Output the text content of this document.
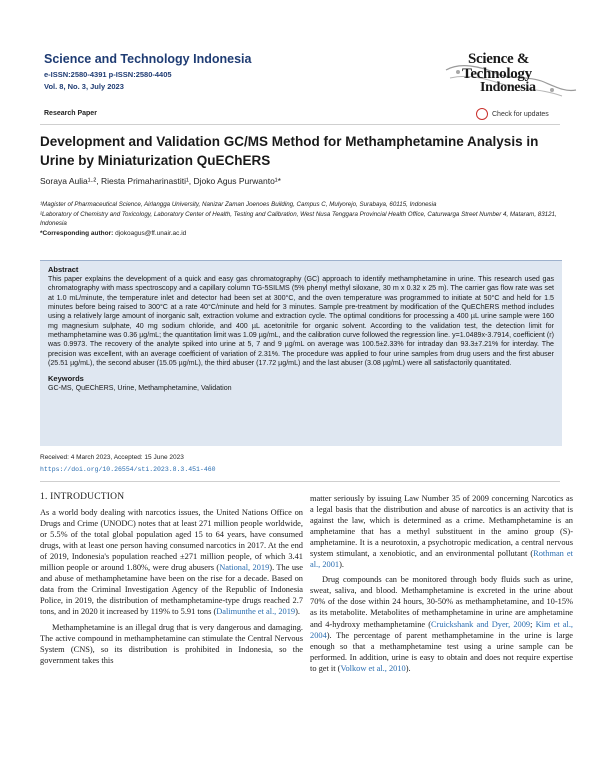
Science and Technology Indonesia
e-ISSN:2580-4391 p-ISSN:2580-4405
Vol. 8, No. 3, July 2023
Science &
Technology
Indonesia
Check for updates
Research Paper
Development and Validation GC/MS Method for Methamphetamine Analysis in Urine by Miniaturization QuEChERS
Soraya Aulia¹·², Riesta Primaharinastiti¹, Djoko Agus Purwanto¹*
¹Magister of Pharmaceutical Science, Airlangga University, Nanizar Zaman Joenoes Building, Campus C, Mulyorejo, Surabaya, 60115, Indonesia
²Laboratory of Chemistry and Toxicology, Laboratory Center of Health, Testing and Calibration, West Nusa Tenggara Provincial Health Office, Caturwarga Street Number 4, Mataram, 83121, Indonesia
*Corresponding author: djokoagus@ff.unair.ac.id
Abstract

This paper explains the development of a quick and easy gas chromatography (GC) approach to identify methamphetamine in urine. This research used gas chromatography with mass spectroscopy and a capillary column TG-5SILMS (5% phenyl methyl siloxane, 30 m x 0.32 x 25 m). The carrier gas flow rate was set at 1.0 mL/minute, the temperature inlet and detector had been set at 300°C, and the oven temperature was programmed to initiate at 50°C and held for 1.5 minutes before being raised to 300°C at a rate 40°C/minute and held for 3 minutes. Sample pre-treatment by modification of the QuEChERS method includes using a relatively large amount of inorganic salt, extraction volume and extraction cycle. The optimal conditions for processing a 400 µL urine sample were 160 mg magnesium sulphate, 40 mg sodium chloride, and 400 µL acetonitrile for organic solvent. According to the validation test, the detection limit for methamphetamine was 0.36 µg/mL; the quantitation limit was 1.09 µg/mL, and the calibration curve followed the regression line. y=1.0489x-3.7914, coefficient (r) was 0.9973. The recovery of the analyte spiked into urine at 5, 7 and 9 µg/mL on average was 100.5±2.33% for intraday dan 93.3±7.21% for interday. The precision was excellent, with an average coefficient of variation of 2.31%. The procedure was applied to four urine samples from drug users and the first abuser (25.51 µg/mL), the second abuser (15.05 µg/mL), the third abuser (17.72 µg/mL) and the last abuser (3.08 µg/mL) were all satisfactorily quantitated.

Keywords

GC-MS, QuEChERS, Urine, Methamphetamine, Validation

Received: 4 March 2023, Accepted: 15 June 2023
https://doi.org/10.26554/sti.2023.8.3.451-460
1. INTRODUCTION

As a world body dealing with narcotics issues, the United Nations Office on Drugs and Crime (UNODC) notes that at least 271 million people worldwide, or 5.5% of the total global population aged 15 to 64 years, have consumed drugs, with at least one person having consumed narcotics in 2017. At the end of 2019, Indonesia's population reached ±271 million people, of which 3.41 million people or around 1.80%, were drug abusers (National, 2019). The use and abuse of methamphetamine have been on the rise for a decade. Based on data from the Criminal Investigation Agency of the Republic of Indonesia Police, in 2019, the distribution of methamphetamine-type drugs reached 2.7 tons, and in 2020 it increased by 119% to 5.91 tons (Dalimunthe et al., 2019).

Methamphetamine is an illegal drug that is very dangerous and damaging. The active compound in methamphetamine can stimulate the Central Nervous System (CNS), so its distribution is prohibited in Indonesia, so the government takes this

matter seriously by issuing Law Number 35 of 2009 concerning Narcotics as a legal basis that the distribution and abuse of narcotics is an activity that is against the law, which is determined as a crime. Methamphetamine is an amphetamine that has a methyl substituent in the amino group (S)-amphetamine. It is a neurotoxin, a psychotropic medication, a central nervous system stimulant, a xenobiotic, and an environmental pollutant (Rothman et al., 2001).

Drug compounds can be monitored through body fluids such as urine, sweat, saliva, and blood. Methamphetamine is excreted in the urine about 70% of the dose within 24 hours, 30-50% as methamphetamine, and 10-15% as its metabolite. Metabolites of methamphetamine in urine are amphetamine and 4-hydroxy methamphetamine (Cruickshank and Dyer, 2009; Kim et al., 2004). The percentage of parent methamphetamine in the urine is large enough so that a methamphetamine test using a urine sample can be performed. In addition, urine is easy to obtain and does not require expertise to get it (Volkow et al., 2010).
